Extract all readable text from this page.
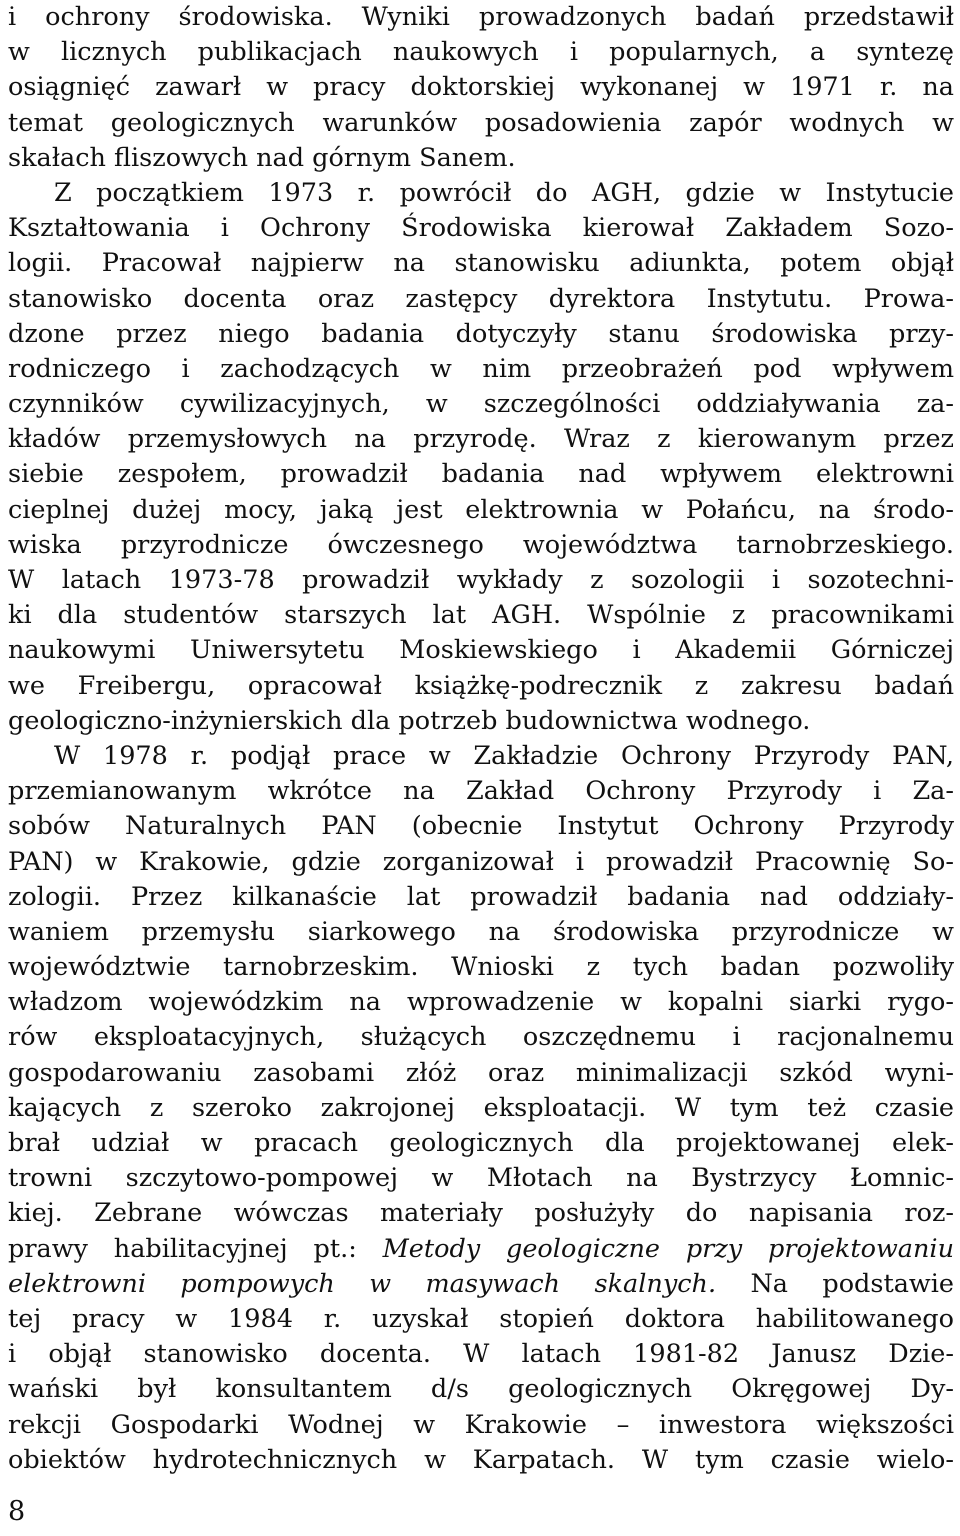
i ochrony środowiska. Wyniki prowadzonych badań przedstawił
w licznych publikacjach naukowych i popularnych, a syntezę
osiągnięć zawarł w pracy doktorskiej wykonanej w 1971 r. na
temat geologicznych warunków posadowienia zapór wodnych w
skałach fliszowych nad górnym Sanem.
Z początkiem 1973 r. powrócił do AGH, gdzie w Instytucie
Kształtowania i Ochrony Środowiska kierował Zakładem Sozo-
logii. Pracował najpierw na stanowisku adiunkta, potem objął
stanowisko docenta oraz zastępcy dyrektora Instytutu. Prowa-
dzone przez niego badania dotyczyły stanu środowiska przy-
rodniczego i zachodzących w nim przeobrażeń pod wpływem
czynników cywilizacyjnych, w szczególności oddziaływania za-
kładów przemysłowych na przyrodę. Wraz z kierowanym przez
siebie zespołem, prowadził badania nad wpływem elektrowni
cieplnej dużej mocy, jaką jest elektrownia w Połańcu, na środo-
wiska przyrodnicze ówczesnego województwa tarnobrzeskiego.
W latach 1973-78 prowadził wykłady z sozologii i sozotechni-
ki dla studentów starszych lat AGH. Wspólnie z pracownikami
naukowymi Uniwersytetu Moskiewskiego i Akademii Górniczej
we Freibergu, opracował książkę-podrecznik z zakresu badań
geologiczno-inżynierskich dla potrzeb budownictwa wodnego.
W 1978 r. podjął prace w Zakładzie Ochrony Przyrody PAN,
przemianowanym wkrótce na Zakład Ochrony Przyrody i Za-
sobów Naturalnych PAN (obecnie Instytut Ochrony Przyrody
PAN) w Krakowie, gdzie zorganizował i prowadził Pracownię So-
zologii. Przez kilkanaście lat prowadził badania nad oddziały-
waniem przemysłu siarkowego na środowiska przyrodnicze w
województwie tarnobrzeskim. Wnioski z tych badan pozwoliły
władzom wojewódzkim na wprowadzenie w kopalni siarki rygo-
rów eksploatacyjnych, służących oszczędnemu i racjonalnemu
gospodarowaniu zasobami złóż oraz minimalizacji szkód wyni-
kających z szeroko zakrojonej eksploatacji. W tym też czasie
brał udział w pracach geologicznych dla projektowanej elek-
trowni szczytowo-pompowej w Młotach na Bystrzycy Łomnic-
kiej. Zebrane wówczas materiały posłużyły do napisania roz-
prawy habilitacyjnej pt.: Metody geologiczne przy projektowaniu
elektrowni pompowych w masywach skalnych. Na podstawie
tej pracy w 1984 r. uzyskał stopień doktora habilitowanego
i objął stanowisko docenta. W latach 1981-82 Janusz Dzie-
wański był konsultantem d/s geologicznych Okręgowej Dy-
rekcji Gospodarki Wodnej w Krakowie – inwestora większości
obiektów hydrotechnicznych w Karpatach. W tym czasie wielo-
8
